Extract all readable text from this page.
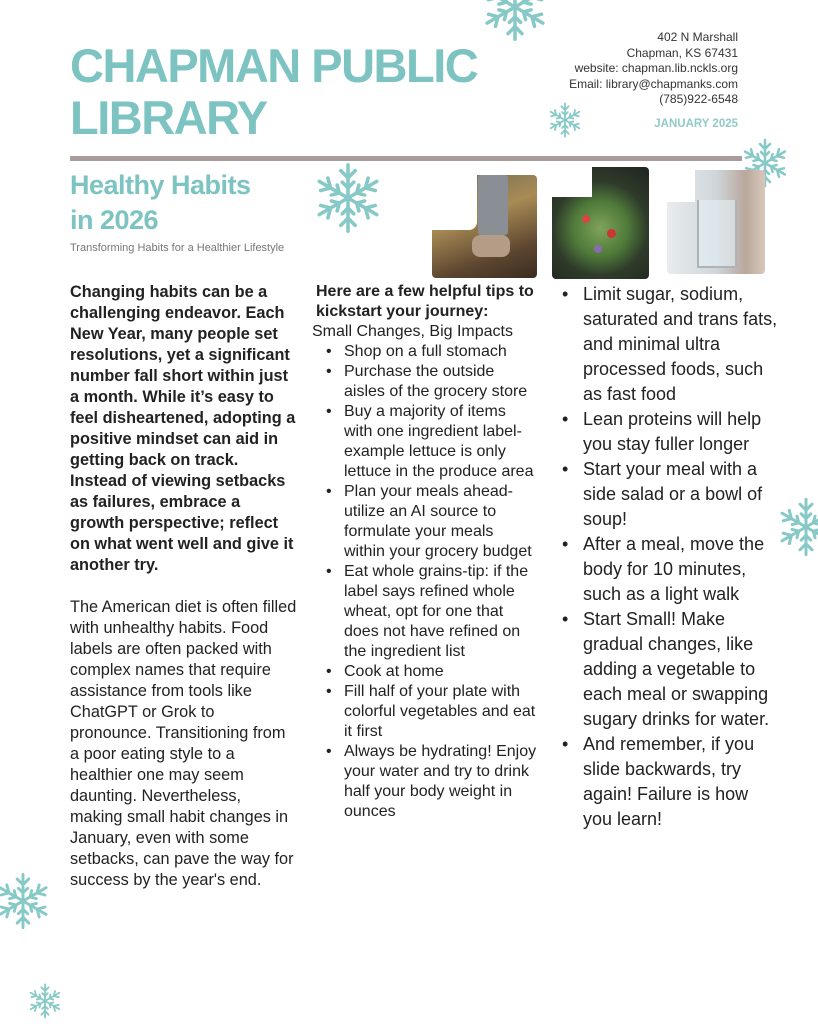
CHAPMAN PUBLIC
LIBRARY
402 N Marshall
Chapman, KS 67431
website: chapman.lib.nckls.org
Email: library@chapmanks.com
(785)922-6548
JANUARY 2025
Healthy Habits
in 2026
Transforming Habits for a Healthier Lifestyle

Changing habits can be a challenging endeavor. Each New Year, many people set resolutions, yet a significant number fall short within just a month. While it’s easy to feel disheartened, adopting a positive mindset can aid in getting back on track. Instead of viewing setbacks as failures, embrace a growth perspective; reflect on what went well and give it another try.

The American diet is often filled with unhealthy habits. Food labels are often packed with complex names that require assistance from tools like ChatGPT or Grok to pronounce. Transitioning from a poor eating style to a healthier one may seem daunting. Nevertheless, making small habit changes in January, even with some setbacks, can pave the way for success by the year's end.

Here are a few helpful tips to kickstart your journey:
Small Changes, Big Impacts
• Shop on a full stomach
• Purchase the outside aisles of the grocery store
• Buy a majority of items with one ingredient label- example lettuce is only lettuce in the produce area
• Plan your meals ahead- utilize an AI source to formulate your meals within your grocery budget
• Eat whole grains-tip: if the label says refined whole wheat, opt for one that does not have refined on the ingredient list
• Cook at home
• Fill half of your plate with colorful vegetables and eat it first
• Always be hydrating! Enjoy your water and try to drink half your body weight in ounces
• Limit sugar, sodium, saturated and trans fats, and minimal ultra processed foods, such as fast food
• Lean proteins will help you stay fuller longer
• Start your meal with a side salad or a bowl of soup!
• After a meal, move the body for 10 minutes, such as a light walk
• Start Small! Make gradual changes, like adding a vegetable to each meal or swapping sugary drinks for water.
• And remember, if you slide backwards, try again! Failure is how you learn!
